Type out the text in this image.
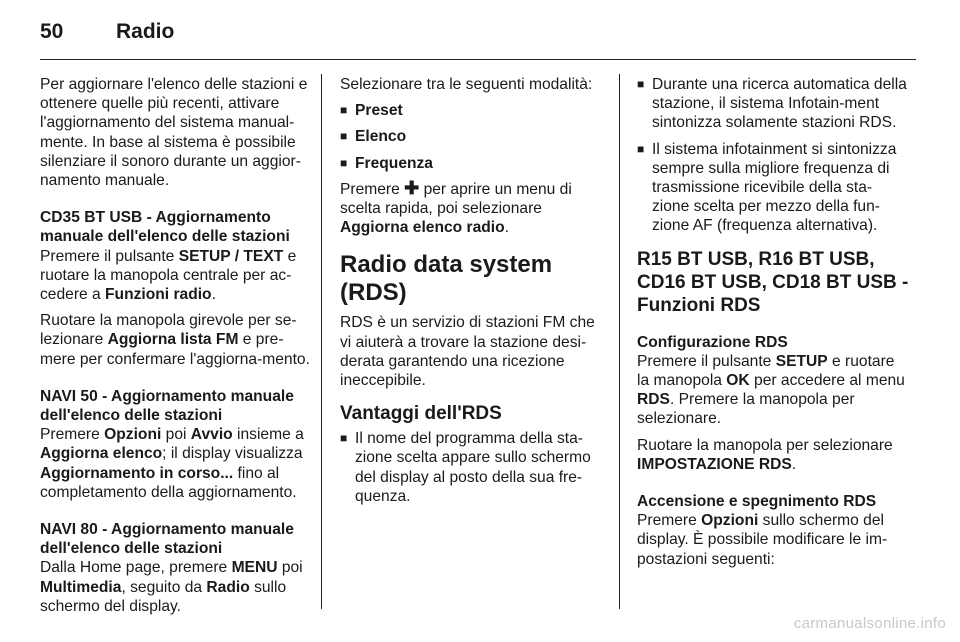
50	Radio

Per aggiornare l'elenco delle stazioni e ottenere quelle più recenti, attivare l'aggiornamento del sistema manual-mente. In base al sistema è possibile silenziare il sonoro durante un aggior-namento manuale.

CD35 BT USB - Aggiornamento manuale dell'elenco delle stazioni

Premere il pulsante SETUP / TEXT e ruotare la manopola centrale per ac-cedere a Funzioni radio.

Ruotare la manopola girevole per se-lezionare Aggiorna lista FM e pre-mere per confermare l'aggiorna-mento.

NAVI 50 - Aggiornamento manuale dell'elenco delle stazioni

Premere Opzioni poi Avvio insieme a Aggiorna elenco; il display visualizza Aggiornamento in corso... fino al completamento della aggiornamento.

NAVI 80 - Aggiornamento manuale dell'elenco delle stazioni

Dalla Home page, premere MENU poi Multimedia, seguito da Radio sullo schermo del display.

Selezionare tra le seguenti modalità:

■ Preset
■ Elenco
■ Frequenza

Premere ✚ per aprire un menu di scelta rapida, poi selezionare Aggiorna elenco radio.

Radio data system (RDS)

RDS è un servizio di stazioni FM che vi aiuterà a trovare la stazione desi-derata garantendo una ricezione ineccepibile.

Vantaggi dell'RDS
■ Il nome del programma della sta-zione scelta appare sullo schermo del display al posto della sua fre-quenza.
■ Durante una ricerca automatica della stazione, il sistema Infotain-ment sintonizza solamente stazioni RDS.
■ Il sistema infotainment si sintonizza sempre sulla migliore frequenza di trasmissione ricevibile della sta-zione scelta per mezzo della fun-zione AF (frequenza alternativa).
R15 BT USB, R16 BT USB, CD16 BT USB, CD18 BT USB - Funzioni RDS

Configurazione RDS

Premere il pulsante SETUP e ruotare la manopola OK per accedere al menu RDS. Premere la manopola per selezionare.

Ruotare la manopola per selezionare IMPOSTAZIONE RDS.

Accensione e spegnimento RDS

Premere Opzioni sullo schermo del display. È possibile modificare le im-postazioni seguenti:

carmanualsonline.info
